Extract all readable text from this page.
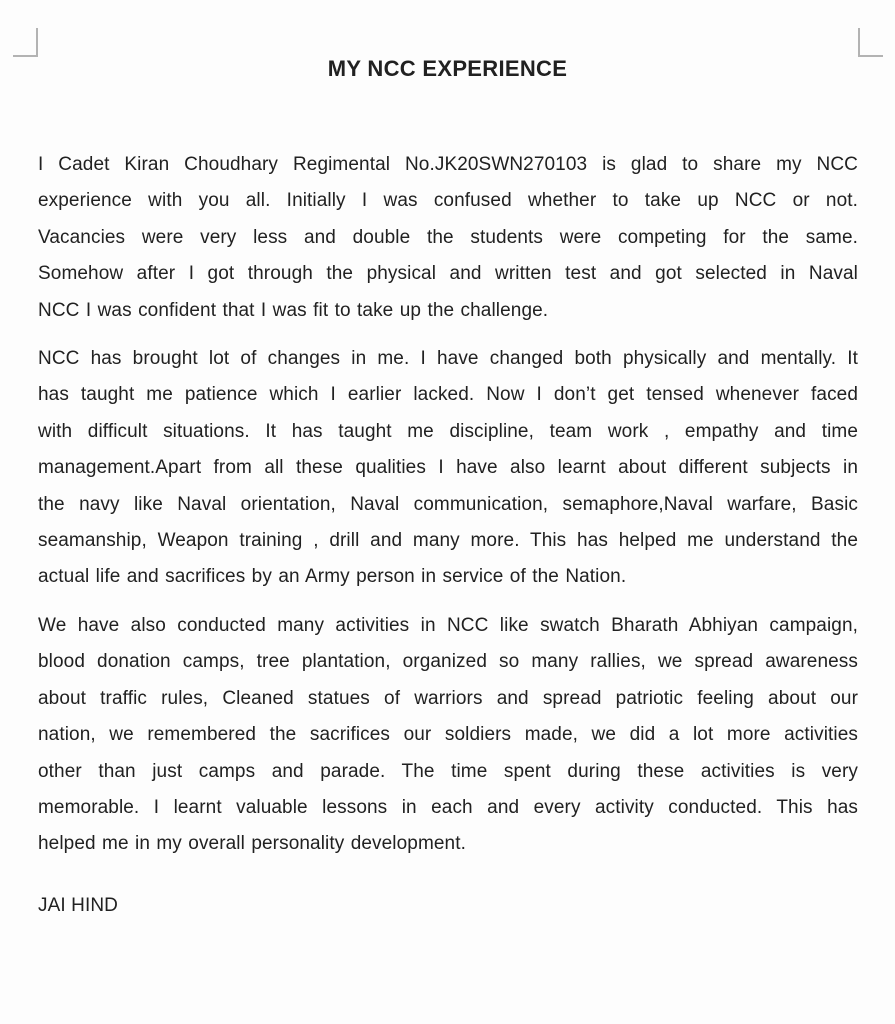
MY NCC EXPERIENCE
I Cadet Kiran Choudhary Regimental No.JK20SWN270103 is glad to share my NCC
experience with you all. Initially I was confused whether to take up NCC or not.
Vacancies were very less and double the students were competing for the same.
Somehow after I got through the physical and written test and got selected in Naval
NCC I was confident that I was fit to take up the challenge.
NCC has brought lot of changes in me. I have changed both physically and mentally. It
has taught me patience which I earlier lacked. Now I don’t get tensed whenever faced
with difficult situations. It has taught me discipline, team work , empathy and time
management.Apart from all these qualities I have also learnt about different subjects in
the navy like Naval orientation, Naval communication, semaphore,Naval warfare, Basic
seamanship, Weapon training , drill and many more. This has helped me understand the
actual life and sacrifices by an Army person in service of the Nation.
We have also conducted many activities in NCC like swatch Bharath Abhiyan campaign,
blood donation camps, tree plantation, organized so many rallies, we spread awareness
about traffic rules, Cleaned statues of warriors and spread patriotic feeling about our
nation, we remembered the sacrifices our soldiers made, we did a lot more activities
other than just camps and parade. The time spent during these activities is very
memorable. I learnt valuable lessons in each and every activity conducted. This has
helped me in my overall personality development.
JAI HIND
